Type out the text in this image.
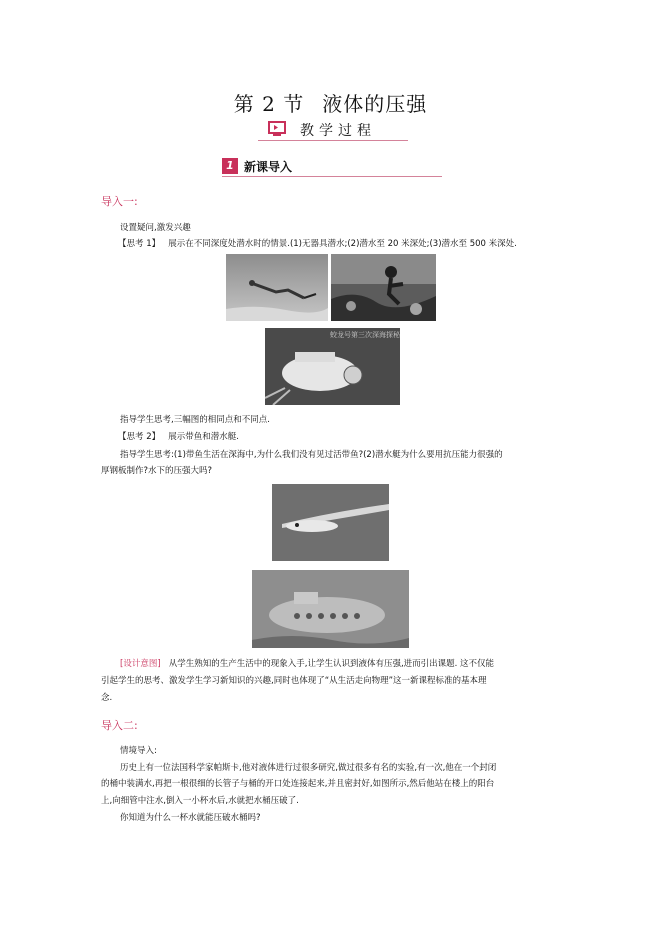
第 2 节 液体的压强
教学过程
1 新课导入
导入一:
设置疑问,激发兴趣
【思考 1】 展示在不同深度处潜水时的情景.(1)无器具潜水;(2)潜水至 20 米深处;(3)潜水至 500 米深处.
蛟龙号第三次深海探秘
指导学生思考,三幅图的相同点和不同点.
【思考 2】 展示带鱼和潜水艇.
指导学生思考:(1)带鱼生活在深海中,为什么我们没有见过活带鱼?(2)潜水艇为什么要用抗压能力很强的
厚钢板制作?水下的压强大吗?
[设计意图] 从学生熟知的生产生活中的现象入手,让学生认识到液体有压强,进而引出课题. 这不仅能
引起学生的思考、激发学生学习新知识的兴趣,同时也体现了“从生活走向物理”这一新课程标准的基本理
念.
导入二:
情境导入:
历史上有一位法国科学家帕斯卡,他对液体进行过很多研究,做过很多有名的实验,有一次,他在一个封闭
的桶中装满水,再把一根很细的长管子与桶的开口处连接起来,并且密封好,如图所示,然后他站在楼上的阳台
上,向细管中注水,倒入一小杯水后,水就把水桶压破了.
你知道为什么一杯水就能压破水桶吗?
